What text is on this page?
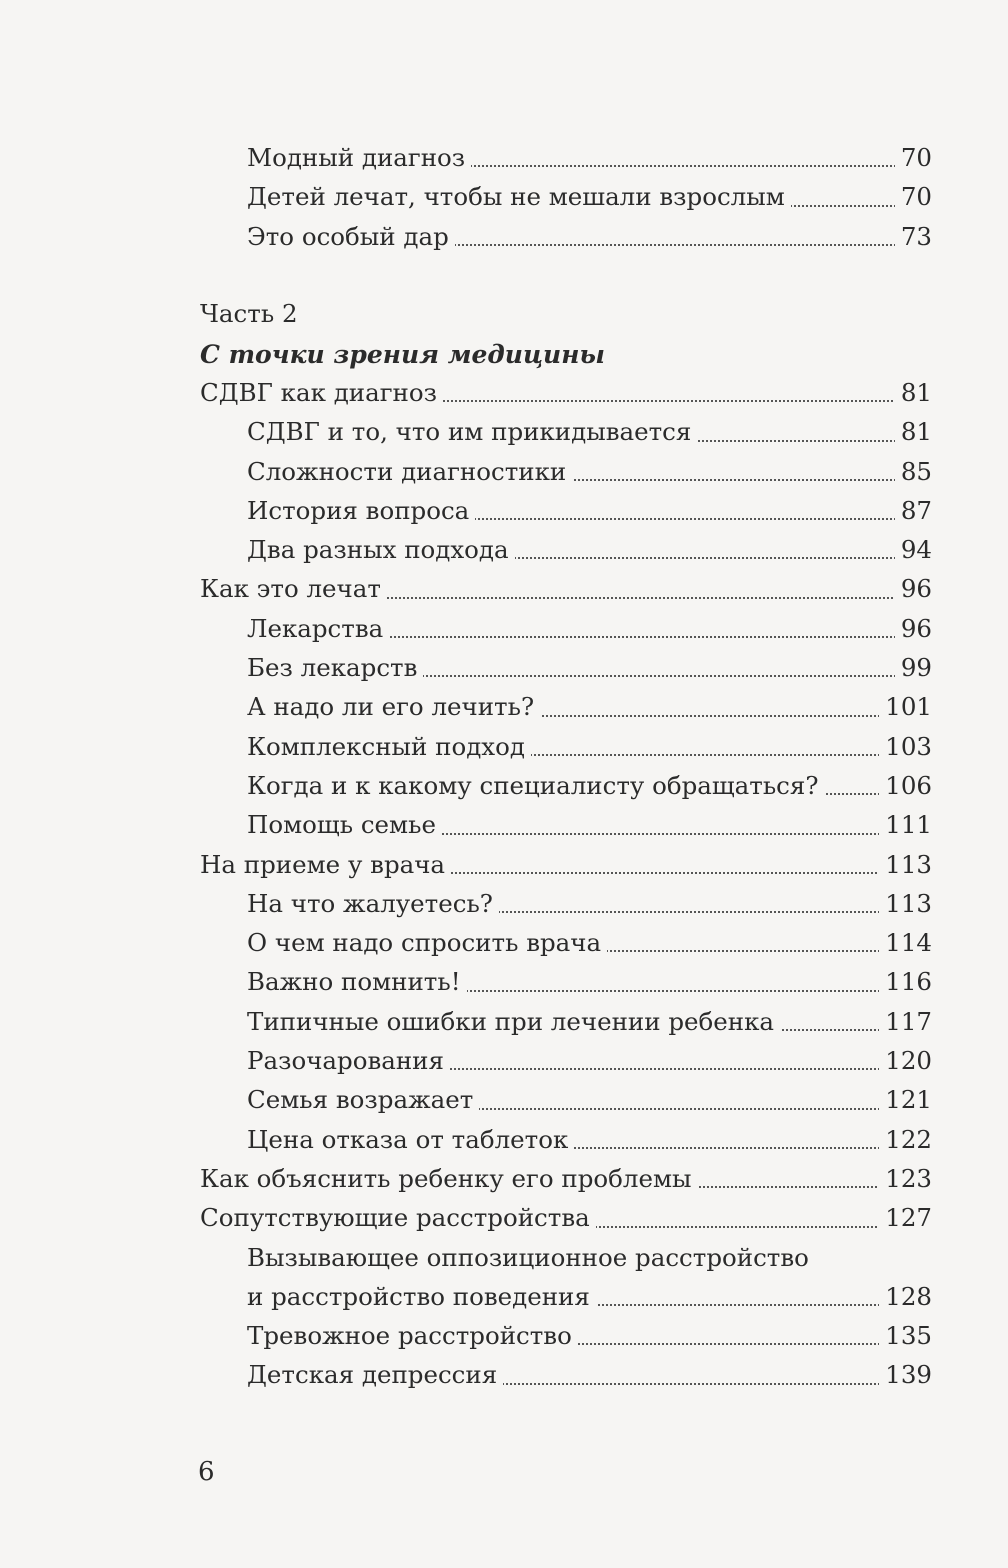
Модный диагноз	70
Детей лечат, чтобы не мешали взрослым	70
Это особый дар	73
Часть 2
С точки зрения медицины
СДВГ как диагноз	81
СДВГ и то, что им прикидывается	81
Сложности диагностики	85
История вопроса	87
Два разных подхода	94
Как это лечат	96
Лекарства	96
Без лекарств	99
А надо ли его лечить?	101
Комплексный подход	103
Когда и к какому специалисту обращаться?	106
Помощь семье	111
На приеме у врача	113
На что жалуетесь?	113
О чем надо спросить врача	114
Важно помнить!	116
Типичные ошибки при лечении ребенка	117
Разочарования	120
Семья возражает	121
Цена отказа от таблеток	122
Как объяснить ребенку его проблемы	123
Сопутствующие расстройства	127
Вызывающее оппозиционное расстройство
и расстройство поведения	128
Тревожное расстройство	135
Детская депрессия	139
6
